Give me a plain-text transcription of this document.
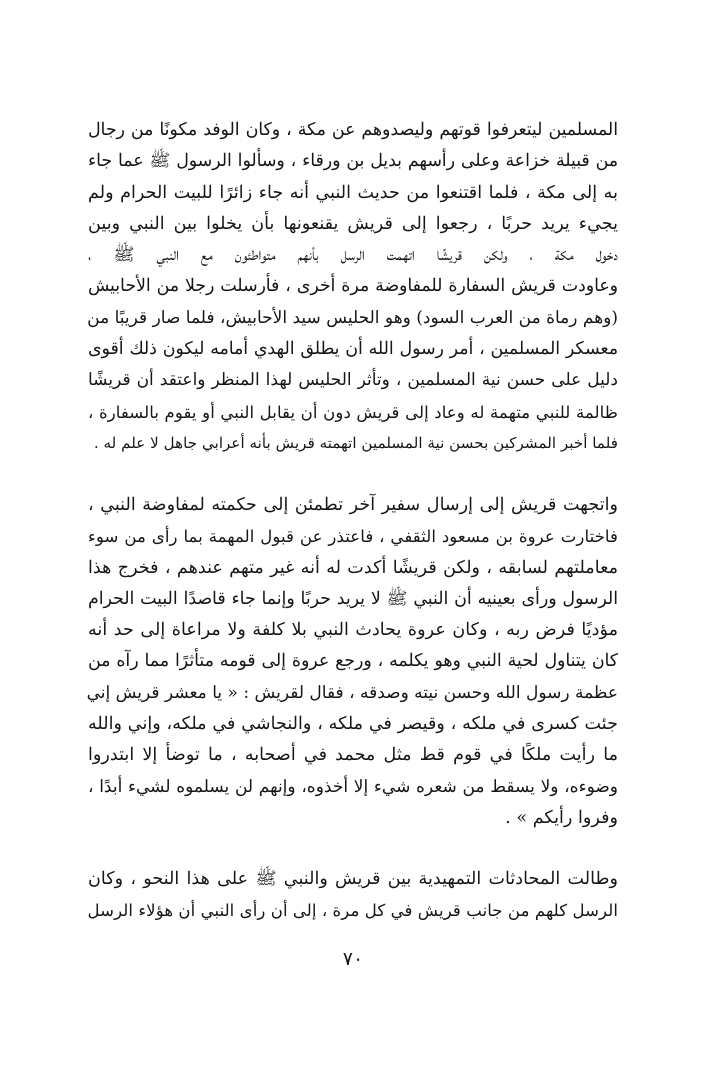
المسلمين ليتعرفوا قوتهم وليصدوهم عن مكة ، وكان الوفد مكونًا من رجال
من قبيلة خزاعة وعلى رأسهم بديل بن ورقاء ، وسألوا الرسول ﷺ عما جاء
به إلى مكة ، فلما اقتنعوا من حديث النبي أنه جاء زائرًا للبيت الحرام ولم
يجيء يريد حربًا ، رجعوا إلى قريش يقنعونها بأن يخلوا بين النبي وبين
دخول مكة ، ولكن قريشًا اتهمت الرسل بأنهم متواطئون مع النبي ﷺ ،
وعاودت قريش السفارة للمفاوضة مرة أخرى ، فأرسلت رجلا من الأحابيش
(وهم رماة من العرب السود) وهو الحليس سيد الأحابيش، فلما صار قريبًا من
معسكر المسلمين ، أمر رسول الله أن يطلق الهدي أمامه ليكون ذلك أقوى
دليل على حسن نية المسلمين ، وتأثر الحليس لهذا المنظر واعتقد أن قريشًا
ظالمة للنبي متهمة له وعاد إلى قريش دون أن يقابل النبي أو يقوم بالسفارة ،
فلما أخبر المشركين بحسن نية المسلمين اتهمته قريش بأنه أعرابي جاهل لا علم له .
واتجهت قريش إلى إرسال سفير آخر تطمئن إلى حكمته لمفاوضة النبي ،
فاختارت عروة بن مسعود الثقفي ، فاعتذر عن قبول المهمة بما رأى من سوء
معاملتهم لسابقه ، ولكن قريشًا أكدت له أنه غير متهم عندهم ، فخرج هذا
الرسول ورأى بعينيه أن النبي ﷺ لا يريد حربًا وإنما جاء قاصدًا البيت الحرام
مؤديًا فرض ربه ، وكان عروة يحادث النبي بلا كلفة ولا مراعاة إلى حد أنه
كان يتناول لحية النبي وهو يكلمه ، ورجع عروة إلى قومه متأثرًا مما رآه من
عظمة رسول الله وحسن نيته وصدقه ، فقال لقريش : « يا معشر قريش إني
جئت كسرى في ملكه ، وقيصر في ملكه ، والنجاشي في ملكه، وإني والله
ما رأيت ملكًا في قوم قط مثل محمد في أصحابه ، ما توضأ إلا ابتدروا
وضوءه، ولا يسقط من شعره شيء إلا أخذوه، وإنهم لن يسلموه لشيء أبدًا ،
وفروا رأيكم » .
وطالت المحادثات التمهيدية بين قريش والنبي ﷺ على هذا النحو ، وكان
الرسل كلهم من جانب قريش في كل مرة ، إلى أن رأى النبي أن هؤلاء الرسل
٧٠
